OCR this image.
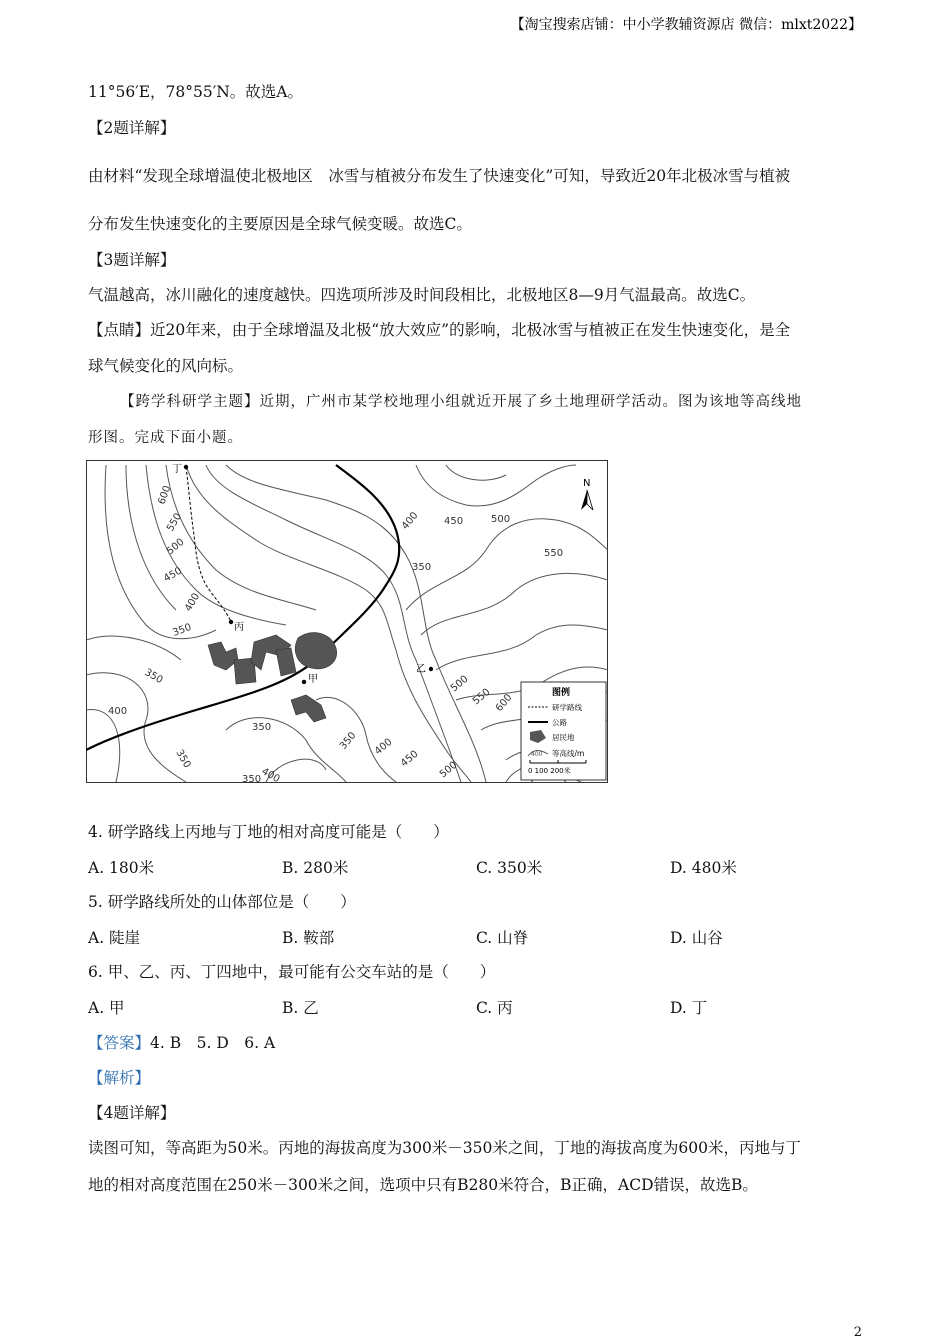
【淘宝搜索店铺：中小学教辅资源店 微信：mlxt2022】
11°56′E，78°55′N。故选A。
【2题详解】
由材料“发现全球增温使北极地区　冰雪与植被分布发生了快速变化”可知，导致近20年北极冰雪与植被
分布发生快速变化的主要原因是全球气候变暖。故选C。
【3题详解】
气温越高，冰川融化的速度越快。四选项所涉及时间段相比，北极地区8—9月气温最高。故选C。
【点睛】近20年来，由于全球增温及北极“放大效应”的影响，北极冰雪与植被正在发生快速变化，是全
球气候变化的风向标。
【跨学科研学主题】近期，广州市某学校地理小组就近开展了乡土地理研学活动。图为该地等高线地
形图。完成下面小题。
丁
丙
甲
乙
600
550
500
450
400
350
350
400
350
400
350
450	500
550
350
500
550 600
350 400
450
500
400
350
N
图例
研学路线
公路
居民地
400 等高线/m
0 100 200米
4. 研学路线上丙地与丁地的相对高度可能是（　　）
A. 180米	B. 280米	C. 350米	D. 480米
5. 研学路线所处的山体部位是（　　）
A. 陡崖	B. 鞍部	C. 山脊	D. 山谷
6. 甲、乙、丙、丁四地中，最可能有公交车站的是（　　）
A. 甲	B. 乙	C. 丙	D. 丁
【答案】4. B　5. D　6. A
【解析】
【4题详解】
读图可知，等高距为50米。丙地的海拔高度为300米－350米之间，丁地的海拔高度为600米，丙地与丁
地的相对高度范围在250米－300米之间，选项中只有B280米符合，B正确，ACD错误，故选B。
2
